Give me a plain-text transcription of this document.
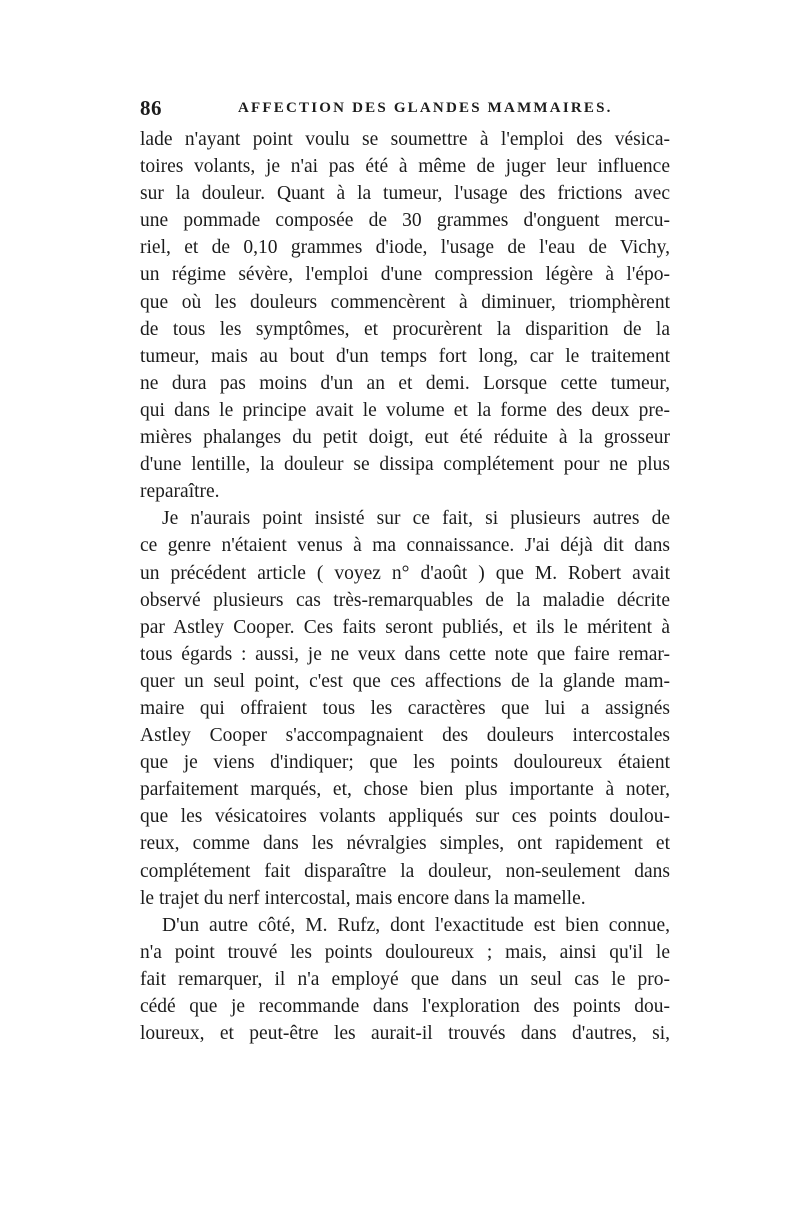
86	AFFECTION DES GLANDES MAMMAIRES.
lade n'ayant point voulu se soumettre à l'emploi des vésica-
toires volants, je n'ai pas été à même de juger leur influence
sur la douleur. Quant à la tumeur, l'usage des frictions avec
une pommade composée de 30 grammes d'onguent mercu-
riel, et de 0,10 grammes d'iode, l'usage de l'eau de Vichy,
un régime sévère, l'emploi d'une compression légère à l'épo-
que où les douleurs commencèrent à diminuer, triomphèrent
de tous les symptômes, et procurèrent la disparition de la
tumeur, mais au bout d'un temps fort long, car le traitement
ne dura pas moins d'un an et demi. Lorsque cette tumeur,
qui dans le principe avait le volume et la forme des deux pre-
mières phalanges du petit doigt, eut été réduite à la grosseur
d'une lentille, la douleur se dissipa complétement pour ne plus
reparaître.
Je n'aurais point insisté sur ce fait, si plusieurs autres de
ce genre n'étaient venus à ma connaissance. J'ai déjà dit dans
un précédent article ( voyez n° d'août ) que M. Robert avait
observé plusieurs cas très-remarquables de la maladie décrite
par Astley Cooper. Ces faits seront publiés, et ils le méritent à
tous égards : aussi, je ne veux dans cette note que faire remar-
quer un seul point, c'est que ces affections de la glande mam-
maire qui offraient tous les caractères que lui a assignés
Astley Cooper s'accompagnaient des douleurs intercostales
que je viens d'indiquer; que les points douloureux étaient
parfaitement marqués, et, chose bien plus importante à noter,
que les vésicatoires volants appliqués sur ces points doulou-
reux, comme dans les névralgies simples, ont rapidement et
complétement fait disparaître la douleur, non-seulement dans
le trajet du nerf intercostal, mais encore dans la mamelle.
D'un autre côté, M. Rufz, dont l'exactitude est bien connue,
n'a point trouvé les points douloureux ; mais, ainsi qu'il le
fait remarquer, il n'a employé que dans un seul cas le pro-
cédé que je recommande dans l'exploration des points dou-
loureux, et peut-être les aurait-il trouvés dans d'autres, si,
